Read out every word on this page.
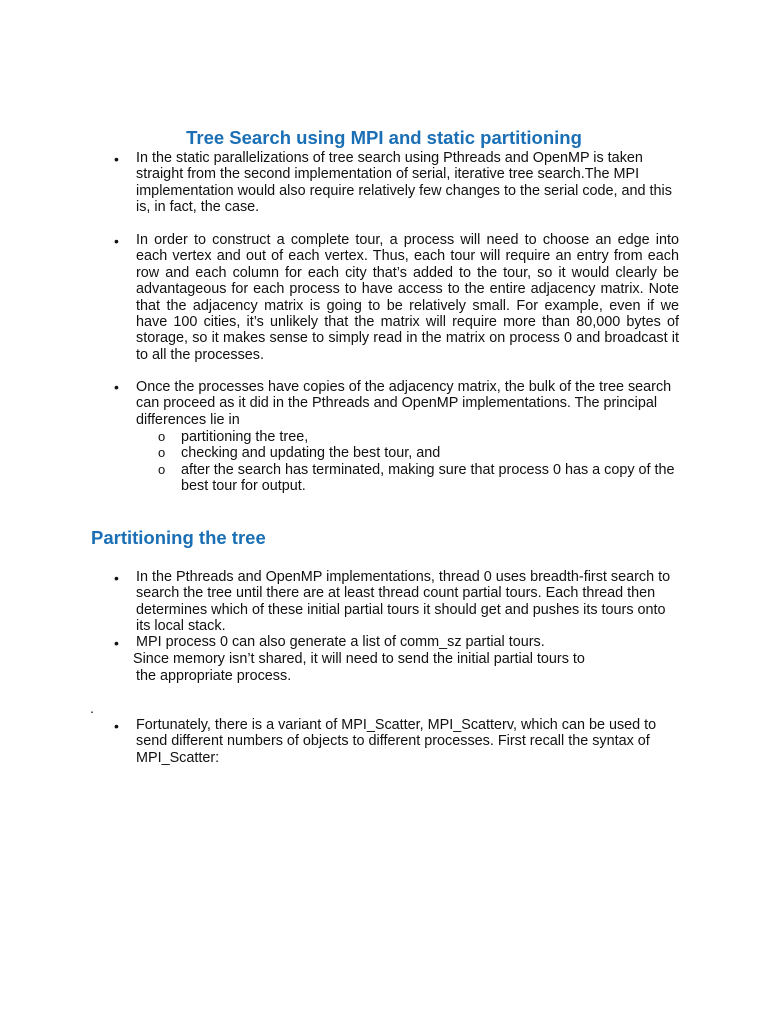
Tree Search using MPI and static partitioning
• In the static parallelizations of tree search using Pthreads and OpenMP is taken straight from the second implementation of serial, iterative tree search.The MPI implementation would also require relatively few changes to the serial code, and this is, in fact, the case.

• In order to construct a complete tour, a process will need to choose an edge into each vertex and out of each vertex. Thus, each tour will require an entry from each row and each column for each city that’s added to the tour, so it would clearly be advantageous for each process to have access to the entire adjacency matrix. Note that the adjacency matrix is going to be relatively small. For example, even if we have 100 cities, it’s unlikely that the matrix will require more than 80,000 bytes of storage, so it makes sense to simply read in the matrix on process 0 and broadcast it to all the processes.

• Once the processes have copies of the adjacency matrix, the bulk of the tree search can proceed as it did in the Pthreads and OpenMP implementations. The principal differences lie in

o partitioning the tree,
o checking and updating the best tour, and
o after the search has terminated, making sure that process 0 has a copy of the best tour for output.
Partitioning the tree
• In the Pthreads and OpenMP implementations, thread 0 uses breadth-first search to search the tree until there are at least thread count partial tours. Each thread then determines which of these initial partial tours it should get and pushes its tours onto its local stack.

• MPI process 0 can also generate a list of comm_sz partial tours.

Since memory isn’t shared, it will need to send the initial partial tours to
the appropriate process.
.
• Fortunately, there is a variant of MPI_Scatter, MPI_Scatterv, which can be used to send different numbers of objects to different processes. First recall the syntax of MPI_Scatter:
